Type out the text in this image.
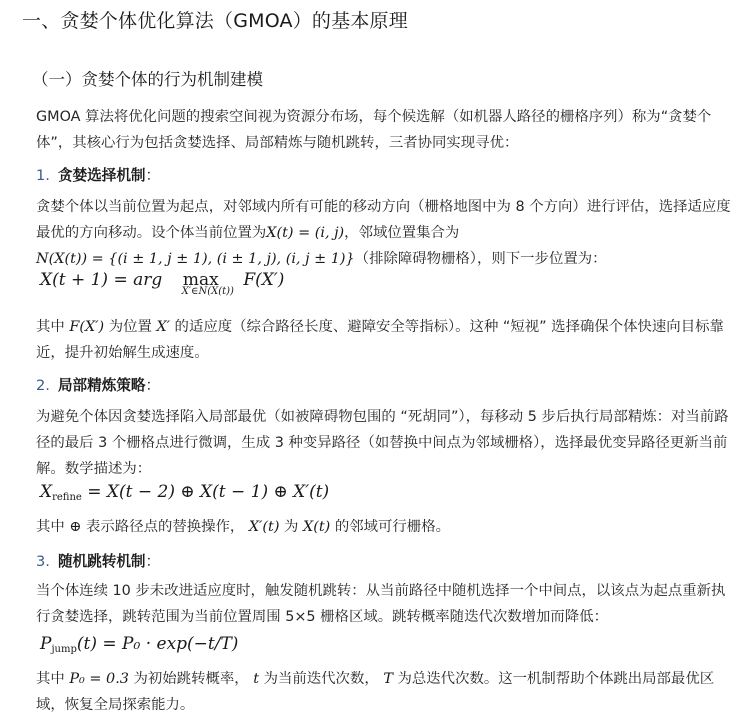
一、贪婪个体优化算法（GMOA）的基本原理
（一）贪婪个体的行为机制建模
GMOA 算法将优化问题的搜索空间视为资源分布场，每个候选解（如机器人路径的栅格序列）称为“贪婪个体”，其核心行为包括贪婪选择、局部精炼与随机跳转，三者协同实现寻优：
1. 贪婪选择机制：
贪婪个体以当前位置为起点，对邻域内所有可能的移动方向（栅格地图中为 8 个方向）进行评估，选择适应度最优的方向移动。设个体当前位置为X(t) = (i, j)，邻域位置集合为
N(X(t)) = {(i ± 1, j ± 1), (i ± 1, j), (i, j ± 1)}（排除障碍物栅格），则下一步位置为：
X(t + 1) = arg max
X′∈N(X(t))
F(X′)
其中 F(X′) 为位置 X′ 的适应度（综合路径长度、避障安全等指标）。这种 “短视” 选择确保个体快速向目标靠近，提升初始解生成速度。
2. 局部精炼策略：
为避免个体因贪婪选择陷入局部最优（如被障碍物包围的 “死胡同”），每移动 5 步后执行局部精炼：对当前路径的最后 3 个栅格点进行微调，生成 3 种变异路径（如替换中间点为邻域栅格），选择最优变异路径更新当前解。数学描述为：
$X_{refine} = X(t - 2)$ ⊕ X(t − 1) ⊕ X′(t)
其中 ⊕ 表示路径点的替换操作， X′(t) 为 X(t) 的邻域可行栅格。
3. 随机跳转机制：
当个体连续 10 步未改进适应度时，触发随机跳转：从当前路径中随机选择一个中间点，以该点为起点重新执行贪婪选择，跳转范围为当前位置周围 5×5 栅格区域。跳转概率随迭代次数增加而降低：
$P_{jump}(t) = P_0 \cdot \exp(-t/T)$
其中 P₀ = 0.3 为初始跳转概率， t 为当前迭代次数， T 为总迭代次数。这一机制帮助个体跳出局部最优区域，恢复全局探索能力。
